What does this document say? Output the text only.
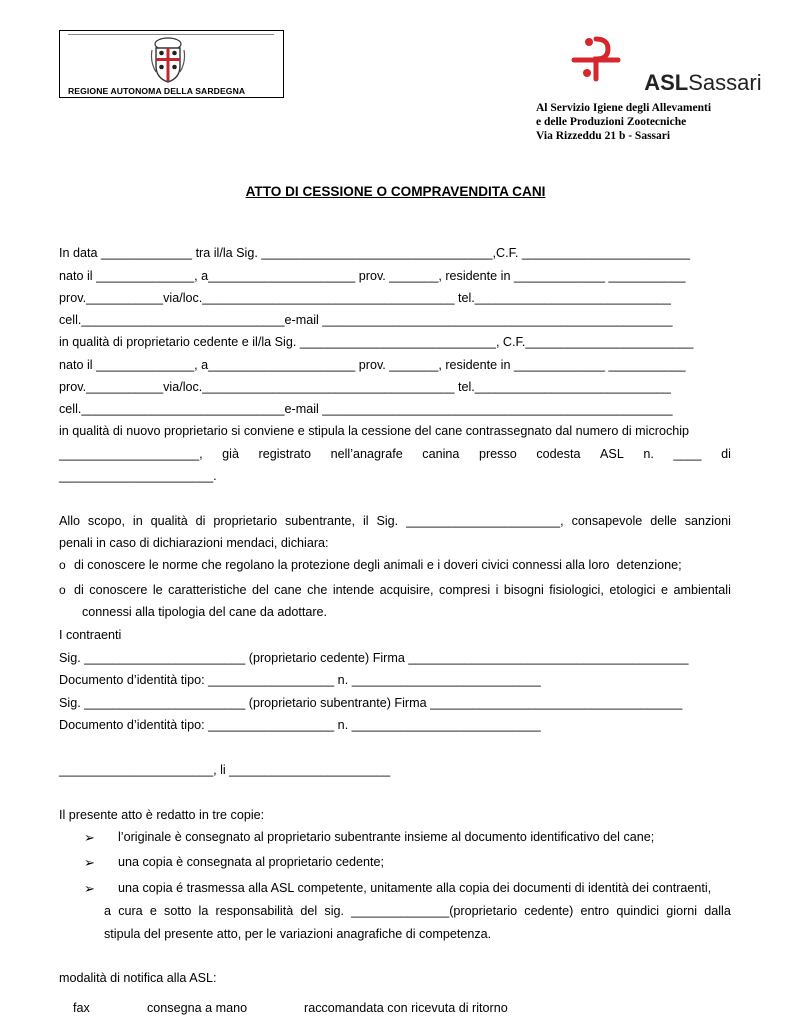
REGIONE AUTONOMA DELLA SARDEGNA	ASLSassari

Al Servizio Igiene degli Allevamenti
e delle Produzioni Zootecniche
Via Rizzeddu 21 b - Sassari
ATTO DI CESSIONE O COMPRAVENDITA CANI
In data _____________ tra il/la Sig. _________________________________,C.F. ________________________
nato il ______________, a_____________________ prov. _______, residente in _____________ ___________
prov.___________via/loc.____________________________________ tel.____________________________
cell._____________________________e-mail __________________________________________________
in qualità di proprietario cedente e il/la Sig. ____________________________, C.F.________________________
nato il ______________, a_____________________ prov. _______, residente in _____________ ___________
prov.___________via/loc.____________________________________ tel.____________________________
cell._____________________________e-mail __________________________________________________
in qualità di nuovo proprietario si conviene e stipula la cessione del cane contrassegnato dal numero di microchip
____________________, già registrato nell’anagrafe canina presso codesta ASL n. ____ di
______________________.
Allo scopo, in qualità di proprietario subentrante, il Sig. ______________________, consapevole delle sanzioni
penali in caso di dichiarazioni mendaci, dichiara:
o di conoscere le norme che regolano la protezione degli animali e i doveri civici connessi alla loro  detenzione;
o di conoscere le caratteristiche del cane che intende acquisire, compresi i bisogni fisiologici, etologici e ambientali
connessi alla tipologia del cane da adottare.
I contraenti
Sig. _______________________ (proprietario cedente) Firma ________________________________________
Documento d’identità tipo: __________________ n. ___________________________
Sig. _______________________ (proprietario subentrante) Firma ____________________________________
Documento d’identità tipo: __________________ n. ___________________________
______________________, li _______________________
Il presente atto è redatto in tre copie:
➢ l’originale è consegnato al proprietario subentrante insieme al documento identificativo del cane;
➢ una copia è consegnata al proprietario cedente;
➢ una copia é trasmessa alla ASL competente, unitamente alla copia dei documenti di identità dei contraenti,
a cura e sotto la responsabilità del sig. ______________(proprietario cedente) entro quindici giorni dalla
stipula del presente atto, per le variazioni anagrafiche di competenza.
modalità di notifica alla ASL:
fax	consegna a mano	raccomandata con ricevuta di ritorno
